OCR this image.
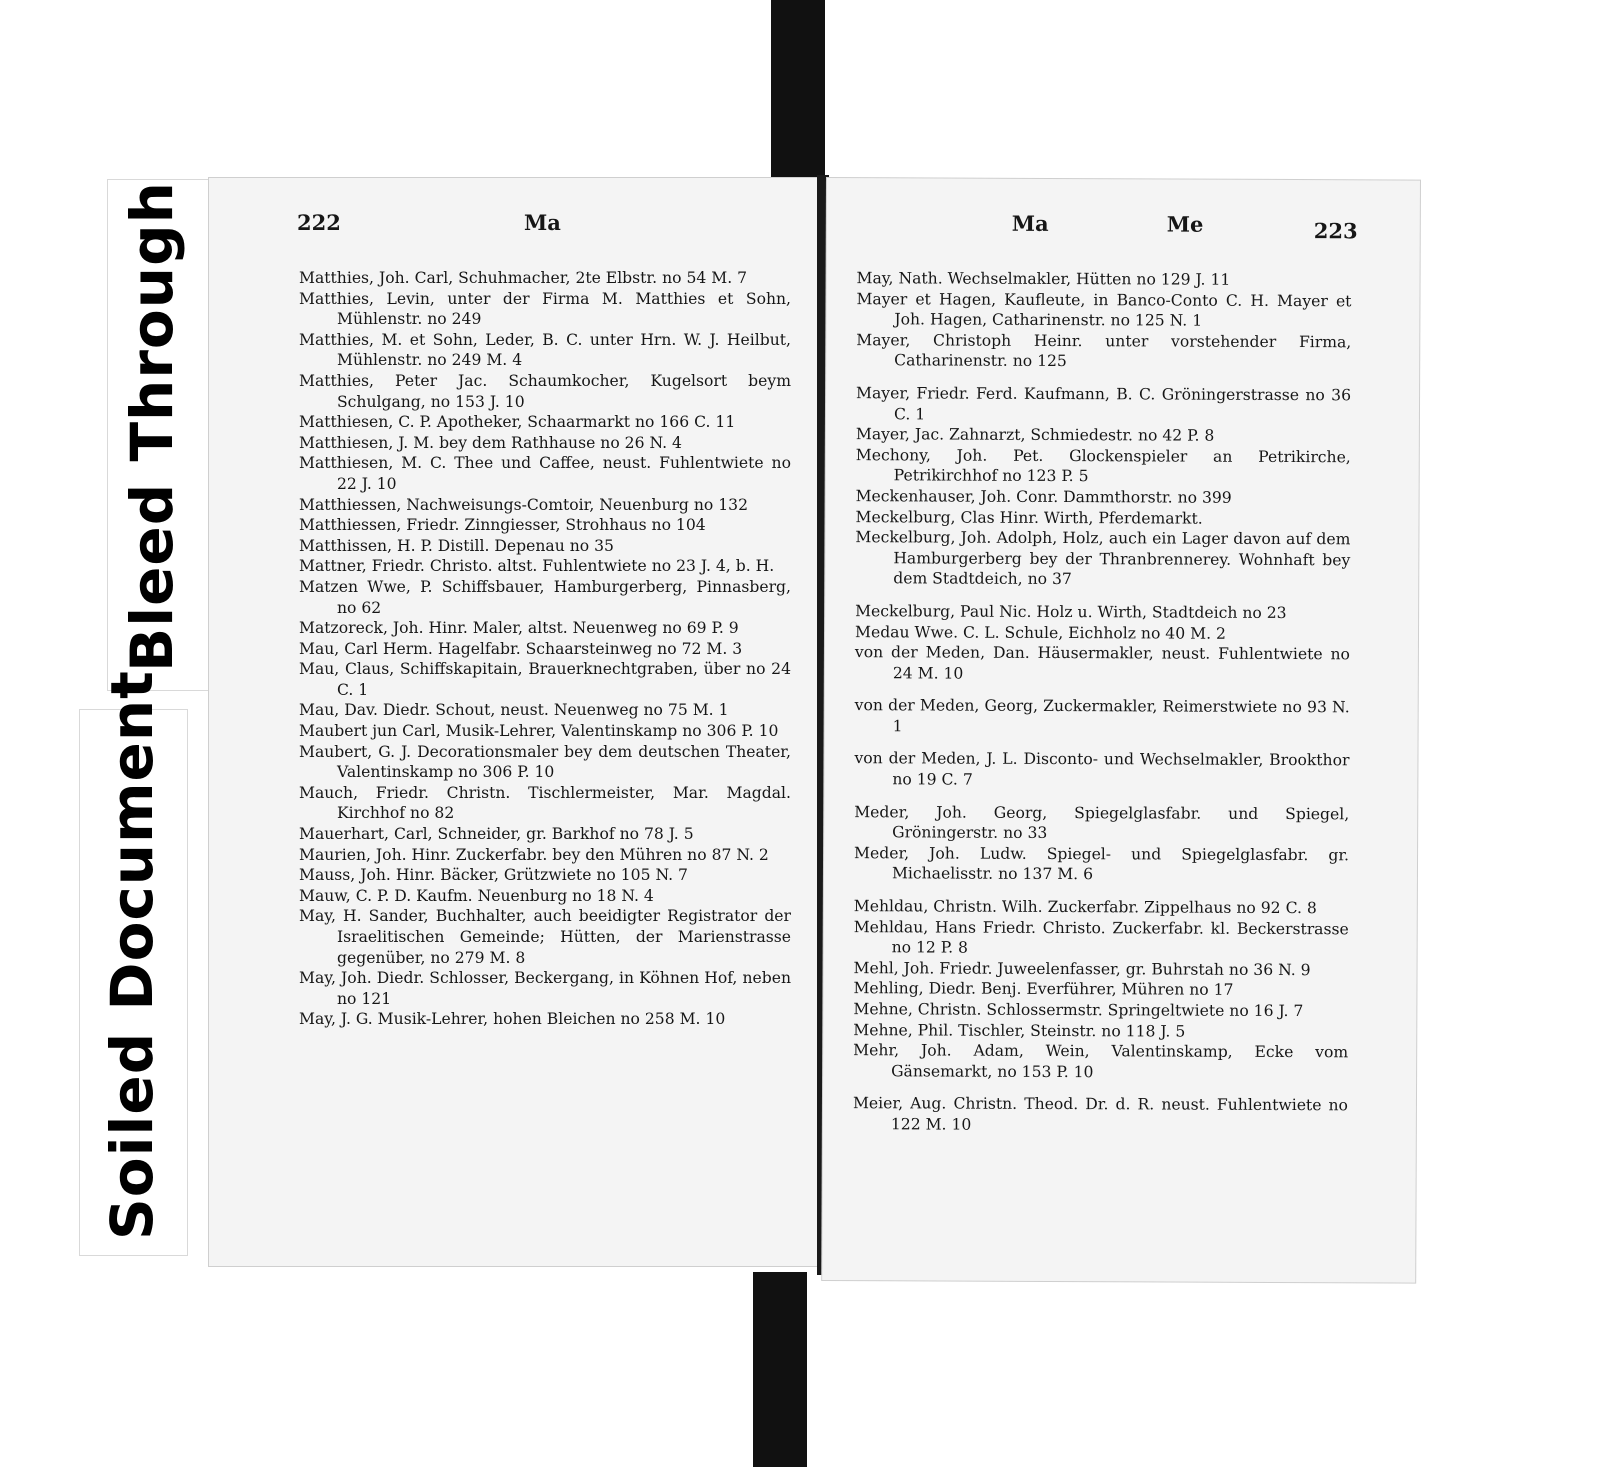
Bleed Through
Soiled Document
222	Ma
Matthies, Joh. Carl, Schuhmacher, 2te Elbstr. no 54 M. 7
Matthies, Levin, unter der Firma M. Matthies et Sohn, Mühlenstr. no 249
Matthies, M. et Sohn, Leder, B. C. unter Hrn. W. J. Heilbut, Mühlenstr. no 249 M. 4
Matthies, Peter Jac. Schaumkocher, Kugelsort beym Schulgang, no 153 J. 10
Matthiesen, C. P. Apotheker, Schaarmarkt no 166 C. 11
Matthiesen, J. M. bey dem Rathhause no 26 N. 4
Matthiesen, M. C. Thee und Caffee, neust. Fuhlentwiete no 22 J. 10
Matthiessen, Nachweisungs-Comtoir, Neuenburg no 132
Matthiessen, Friedr. Zinngiesser, Strohhaus no 104
Matthissen, H. P. Distill. Depenau no 35
Mattner, Friedr. Christo. altst. Fuhlentwiete no 23 J. 4, b. H.
Matzen Wwe, P. Schiffsbauer, Hamburgerberg, Pinnasberg, no 62
Matzoreck, Joh. Hinr. Maler, altst. Neuenweg no 69 P. 9
Mau, Carl Herm. Hagelfabr. Schaarsteinweg no 72 M. 3
Mau, Claus, Schiffskapitain, Brauerknechtgraben, über no 24 C. 1
Mau, Dav. Diedr. Schout, neust. Neuenweg no 75 M. 1
Maubert jun Carl, Musik-Lehrer, Valentinskamp no 306 P. 10
Maubert, G. J. Decorationsmaler bey dem deutschen Theater, Valentinskamp no 306 P. 10
Mauch, Friedr. Christn. Tischlermeister, Mar. Magdal. Kirchhof no 82
Mauerhart, Carl, Schneider, gr. Barkhof no 78 J. 5
Maurien, Joh. Hinr. Zuckerfabr. bey den Mühren no 87 N. 2
Mauss, Joh. Hinr. Bäcker, Grützwiete no 105 N. 7
Mauw, C. P. D. Kaufm. Neuenburg no 18 N. 4
May, H. Sander, Buchhalter, auch beeidigter Registrator der Israelitischen Gemeinde; Hütten, der Marienstrasse gegenüber, no 279 M. 8
May, Joh. Diedr. Schlosser, Beckergang, in Köhnen Hof, neben no 121
May, J. G. Musik-Lehrer, hohen Bleichen no 258 M. 10
Ma	Me	223
May, Nath. Wechselmakler, Hütten no 129 J. 11
Mayer et Hagen, Kaufleute, in Banco-Conto C. H. Mayer et Joh. Hagen, Catharinenstr. no 125 N. 1
Mayer, Christoph Heinr. unter vorstehender Firma, Catharinenstr. no 125
Mayer, Friedr. Ferd. Kaufmann, B. C. Gröningerstrasse no 36 C. 1
Mayer, Jac. Zahnarzt, Schmiedestr. no 42 P. 8
Mechony, Joh. Pet. Glockenspieler an Petrikirche, Petrikirchhof no 123 P. 5
Meckenhauser, Joh. Conr. Dammthorstr. no 399
Meckelburg, Clas Hinr. Wirth, Pferdemarkt.
Meckelburg, Joh. Adolph, Holz, auch ein Lager davon auf dem Hamburgerberg bey der Thranbrennerey. Wohnhaft bey dem Stadtdeich, no 37
Meckelburg, Paul Nic. Holz u. Wirth, Stadtdeich no 23
Medau Wwe. C. L. Schule, Eichholz no 40 M. 2
von der Meden, Dan. Häusermakler, neust. Fuhlentwiete no 24 M. 10
von der Meden, Georg, Zuckermakler, Reimerstwiete no 93 N. 1
von der Meden, J. L. Disconto- und Wechselmakler, Brookthor no 19 C. 7
Meder, Joh. Georg, Spiegelglasfabr. und Spiegel, Gröningerstr. no 33
Meder, Joh. Ludw. Spiegel- und Spiegelglasfabr. gr. Michaelisstr. no 137 M. 6
Mehldau, Christn. Wilh. Zuckerfabr. Zippelhaus no 92 C. 8
Mehldau, Hans Friedr. Christo. Zuckerfabr. kl. Beckerstrasse no 12 P. 8
Mehl, Joh. Friedr. Juweelenfasser, gr. Buhrstah no 36 N. 9
Mehling, Diedr. Benj. Everführer, Mühren no 17
Mehne, Christn. Schlossermstr. Springeltwiete no 16 J. 7
Mehne, Phil. Tischler, Steinstr. no 118 J. 5
Mehr, Joh. Adam, Wein, Valentinskamp, Ecke vom Gänsemarkt, no 153 P. 10
Meier, Aug. Christn. Theod. Dr. d. R. neust. Fuhlentwiete no 122 M. 10
